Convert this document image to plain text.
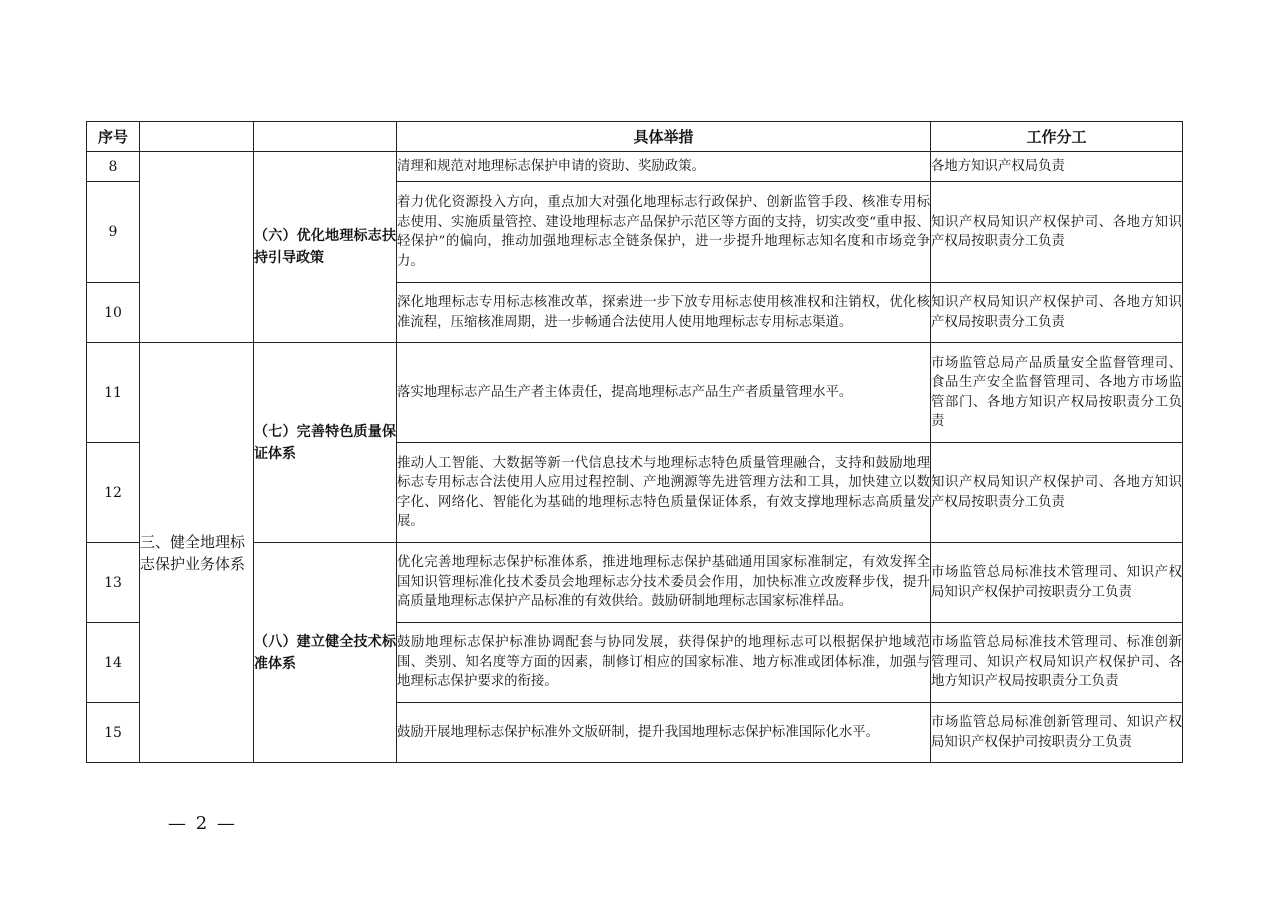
序号			具体举措	工作分工
8		（六）优化地理标志扶持引导政策	清理和规范对地理标志保护申请的资助、奖励政策。	各地方知识产权局负责
9			着力优化资源投入方向，重点加大对强化地理标志行政保护、创新监管手段、核准专用标志使用、实施质量管控、建设地理标志产品保护示范区等方面的支持，切实改变“重申报、轻保护”的偏向，推动加强地理标志全链条保护，进一步提升地理标志知名度和市场竞争力。	知识产权局知识产权保护司、各地方知识产权局按职责分工负责
10			深化地理标志专用标志核准改革，探索进一步下放专用标志使用核准权和注销权，优化核准流程，压缩核准周期，进一步畅通合法使用人使用地理标志专用标志渠道。	知识产权局知识产权保护司、各地方知识产权局按职责分工负责
11	三、健全地理标志保护业务体系	（七）完善特色质量保证体系	落实地理标志产品生产者主体责任，提高地理标志产品生产者质量管理水平。	市场监管总局产品质量安全监督管理司、食品生产安全监督管理司、各地方市场监管部门、各地方知识产权局按职责分工负责
12			推动人工智能、大数据等新一代信息技术与地理标志特色质量管理融合，支持和鼓励地理标志专用标志合法使用人应用过程控制、产地溯源等先进管理方法和工具，加快建立以数字化、网络化、智能化为基础的地理标志特色质量保证体系，有效支撑地理标志高质量发展。	知识产权局知识产权保护司、各地方知识产权局按职责分工负责
13		（八）建立健全技术标准体系	优化完善地理标志保护标准体系，推进地理标志保护基础通用国家标准制定，有效发挥全国知识管理标准化技术委员会地理标志分技术委员会作用，加快标准立改废释步伐，提升高质量地理标志保护产品标准的有效供给。鼓励研制地理标志国家标准样品。	市场监管总局标准技术管理司、知识产权局知识产权保护司按职责分工负责
14			鼓励地理标志保护标准协调配套与协同发展，获得保护的地理标志可以根据保护地域范围、类别、知名度等方面的因素，制修订相应的国家标准、地方标准或团体标准，加强与地理标志保护要求的衔接。	市场监管总局标准技术管理司、标准创新管理司、知识产权局知识产权保护司、各地方知识产权局按职责分工负责
15			鼓励开展地理标志保护标准外文版研制，提升我国地理标志保护标准国际化水平。	市场监管总局标准创新管理司、知识产权局知识产权保护司按职责分工负责
— 2 —
